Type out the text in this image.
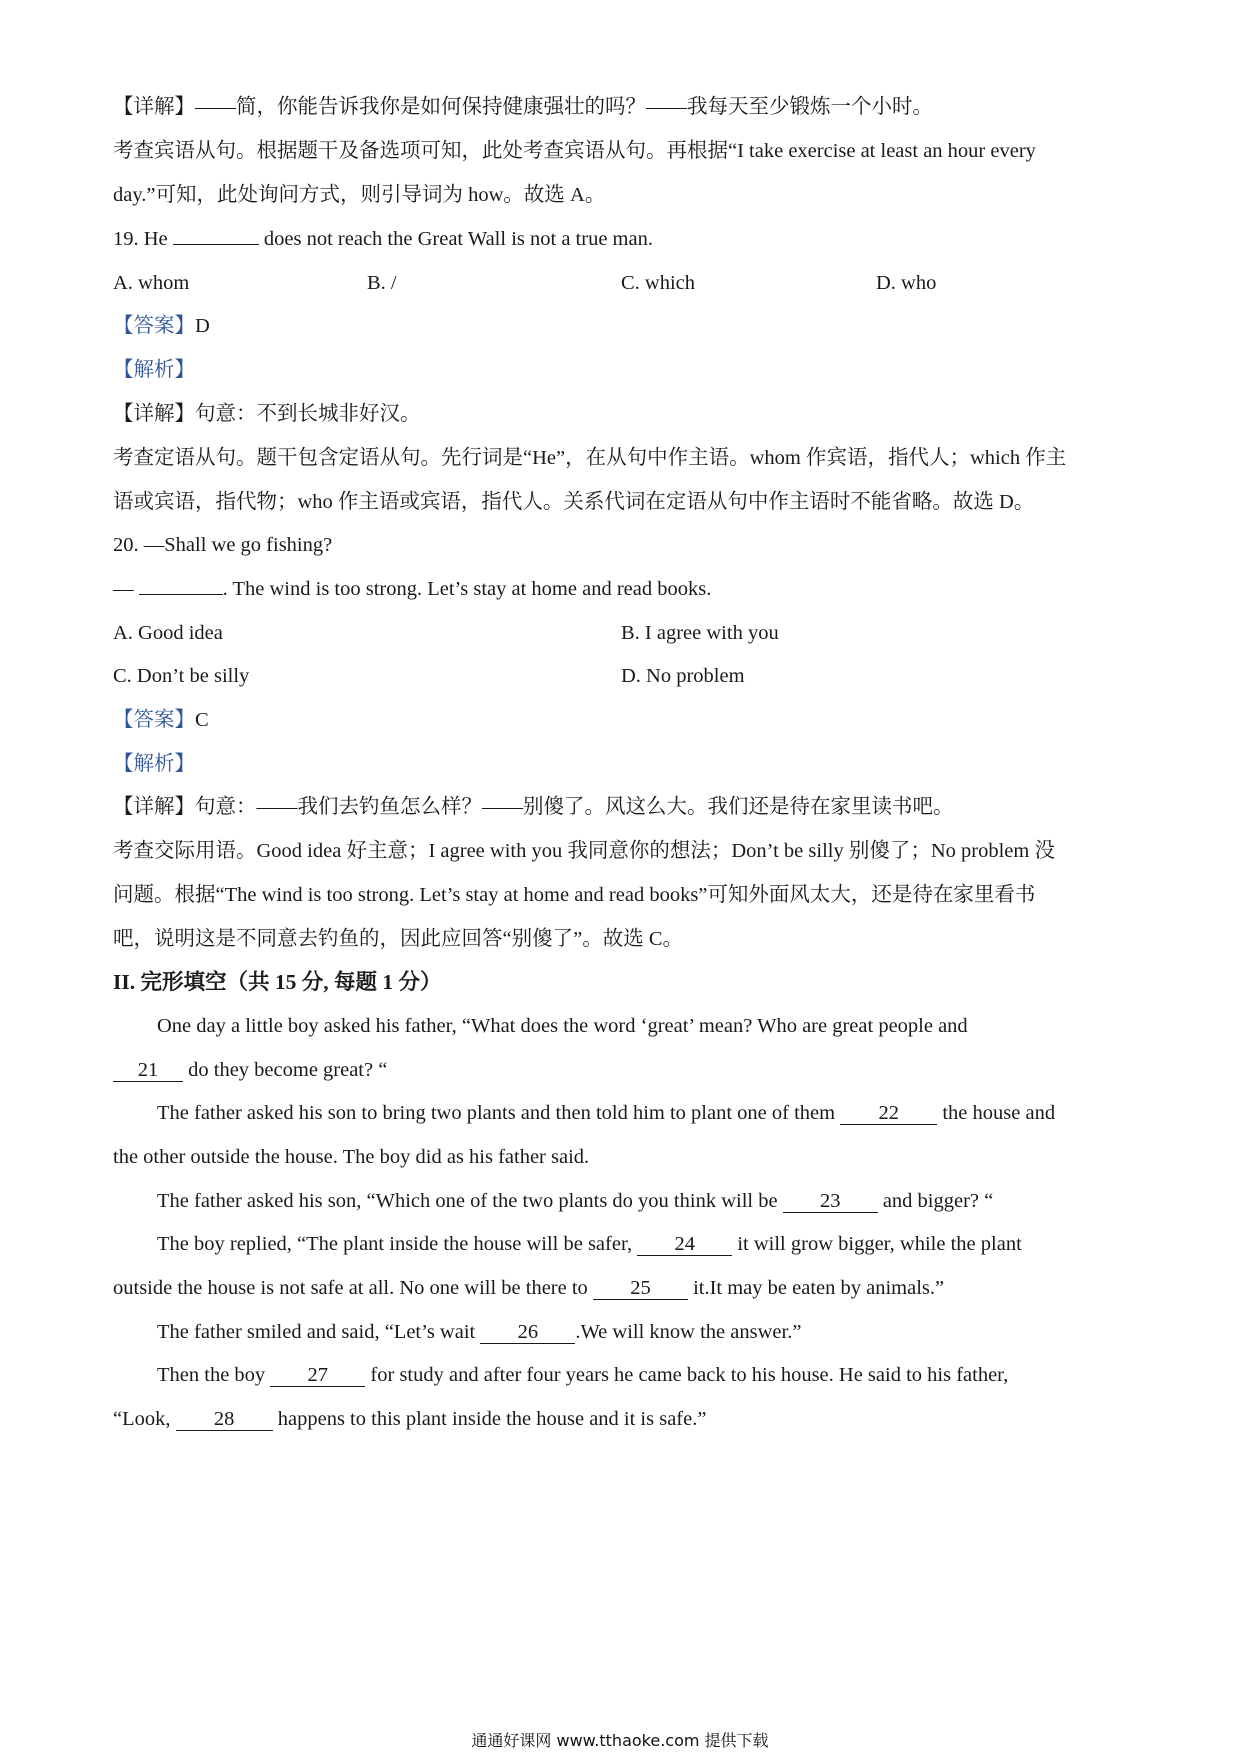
【详解】——简，你能告诉我你是如何保持健康强壮的吗？——我每天至少锻炼一个小时。
考查宾语从句。根据题干及备选项可知，此处考查宾语从句。再根据“I take exercise at least an hour every
day.”可知，此处询问方式，则引导词为 how。故选 A。
19. He	does not reach the Great Wall is not a true man.
A. whom	B. /	C. which	D. who
【答案】D
【解析】
【详解】句意：不到长城非好汉。
考查定语从句。题干包含定语从句。先行词是“He”，在从句中作主语。whom 作宾语，指代人；which 作主
语或宾语，指代物；who 作主语或宾语，指代人。关系代词在定语从句中作主语时不能省略。故选 D。
20. —Shall we go fishing?
—	. The wind is too strong. Let’s stay at home and read books.
A. Good idea	B. I agree with you
C. Don’t be silly	D. No problem
【答案】C
【解析】
【详解】句意：——我们去钓鱼怎么样？——别傻了。风这么大。我们还是待在家里读书吧。
考查交际用语。Good idea 好主意；I agree with you 我同意你的想法；Don’t be silly 别傻了；No problem 没
问题。根据“The wind is too strong. Let’s stay at home and read books”可知外面风太大，还是待在家里看书
吧，说明这是不同意去钓鱼的，因此应回答“别傻了”。故选 C。
II. 完形填空（共 15 分, 每题 1 分）
One day a little boy asked his father, “What does the word ‘great’ mean? Who are great people and
21 do they become great? “
The father asked his son to bring two plants and then told him to plant one of them 22 the house and
the other outside the house. The boy did as his father said.
The father asked his son, “Which one of the two plants do you think will be 23 and bigger? “
The boy replied, “The plant inside the house will be safer, 24 it will grow bigger, while the plant
outside the house is not safe at all. No one will be there to 25 it.It may be eaten by animals.”
The father smiled and said, “Let’s wait 26 .We will know the answer.”
Then the boy 27 for study and after four years he came back to his house. He said to his father,
“Look, 28 happens to this plant inside the house and it is safe.”
通通好课网 www.tthaoke.com 提供下载
